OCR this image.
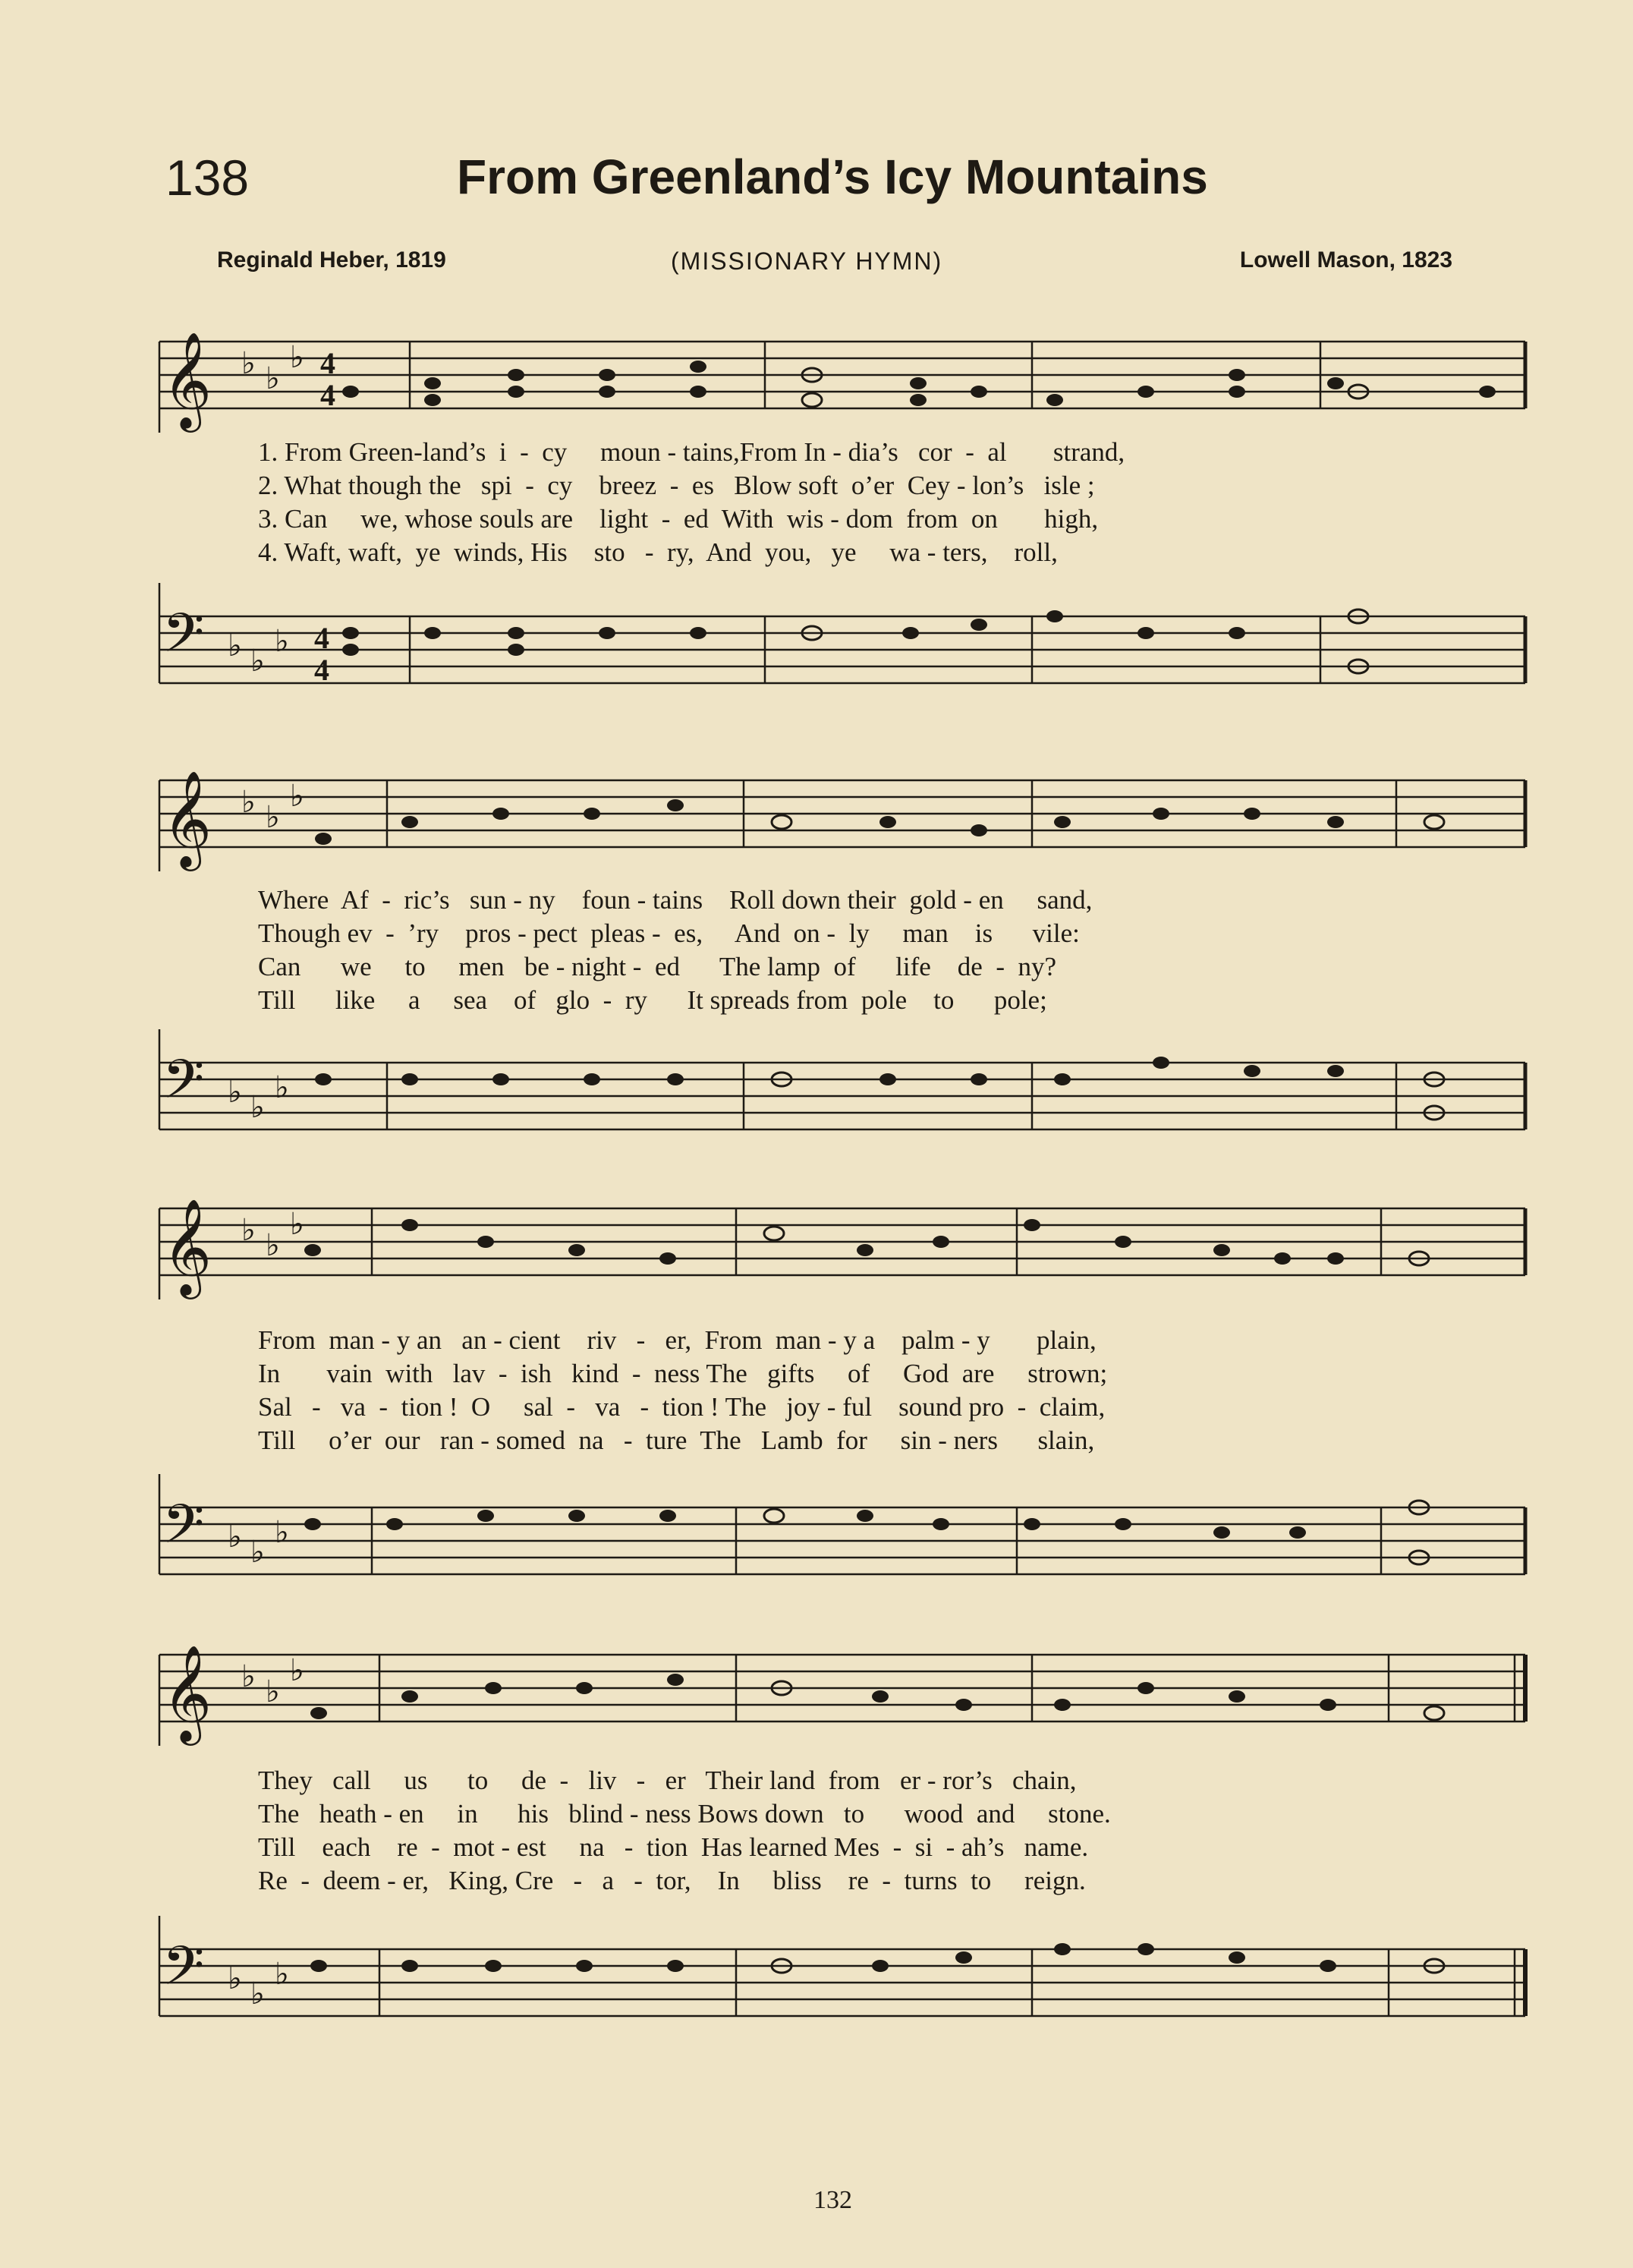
138	From Greenland’s Icy Mountains
Reginald Heber, 1819	(MISSIONARY HYMN)	Lowell Mason, 1823
𝄞 ♭ ♭
♭ 4
4
1. From Green-land’s  i  -  cy     moun - tains,From In - dia’s   cor  -  al       strand,
2. What though the   spi  -  cy    breez  -  es   Blow soft  o’er  Cey - lon’s   isle ;
3. Can     we, whose souls are    light  -  ed  With  wis - dom  from  on       high,
4. Waft, waft,  ye  winds, His    sto   -  ry,  And  you,   ye     wa - ters,    roll,
𝄢 ♭ ♭
♭ 4
4
𝄞 ♭ ♭
♭
Where  Af  -  ric’s   sun - ny    foun - tains    Roll down their  gold - en     sand,
Though ev  -  ’ry    pros - pect  pleas -  es,     And  on -  ly     man    is      vile:
Can      we     to     men   be - night -  ed      The lamp  of      life    de  -  ny?
Till      like     a     sea    of   glo  -  ry      It spreads from  pole    to      pole;
𝄢 ♭ ♭
♭
𝄞 ♭ ♭
♭
From  man - y an   an - cient    riv   -   er,  From  man - y a    palm - y       plain,
In       vain  with   lav  -  ish   kind  -  ness The   gifts     of     God  are     strown;
Sal   -   va  -  tion !  O     sal  -   va   -  tion ! The   joy - ful    sound pro  -  claim,
Till     o’er  our   ran - somed  na   -  ture  The   Lamb  for     sin - ners      slain,
𝄢 ♭ ♭
♭
𝄞 ♭ ♭
♭
They   call     us      to     de  -   liv   -   er   Their land  from   er - ror’s   chain,
The   heath - en     in      his   blind - ness Bows down   to      wood  and     stone.
Till    each    re  -  mot - est     na   -  tion  Has learned Mes  -  si  - ah’s   name.
Re  -  deem - er,   King, Cre   -   a   -  tor,    In     bliss    re  -  turns  to     reign.
𝄢 ♭ ♭
♭
132
